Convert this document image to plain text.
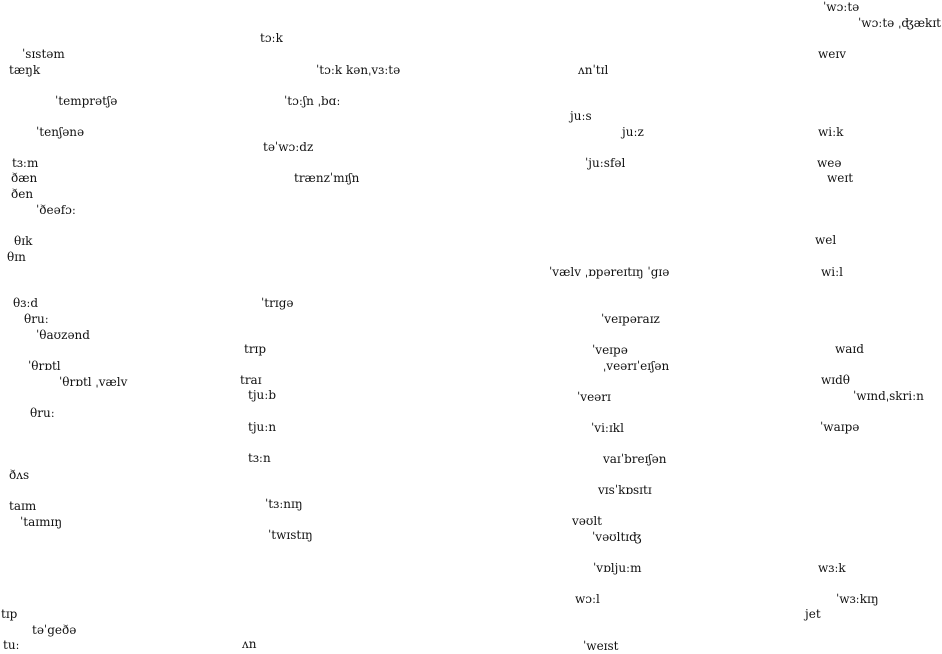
ˈsɪstəm
tæŋk
ˈtemprətʃə
ˈtenʃənə
tɜːm
ðæn
ðen
ˈðeəfɔː
θɪk
θɪn
θɜːd
θruː
ˈθaʊzənd
ˈθrɒtl
ˈθrɒtl ˌvælv
θruː
ðʌs
taɪm
ˈtaɪmɪŋ
tɪp
təˈgeðə
tuː
tɔːk
ˈtɔːk kənˌvɜːtə
ˈtɔːʃn ˌbɑː
təˈwɔːdz
trænzˈmɪʃn
ˈtrɪgə
trɪp
traɪ
tjuːb
tjuːn
tɜːn
ˈtɜːnɪŋ
ˈtwɪstɪŋ
ʌn
ʌnˈtɪl
juːs
juːz
ˈjuːsfəl
ˈvælv ˌɒpəreɪtɪŋ ˈgɪə
ˈveɪpəraɪz
ˈveɪpə
ˌveərɪˈeɪʃən
ˈveərɪ
ˈviːɪkl
vaɪˈbreɪʃən
vɪsˈkɒsɪtɪ
vəʊlt
ˈvəʊltɪʤ
ˈvɒljuːm
wɔːl
ˈweɪst
ˈwɔːtə
ˈwɔːtə ˌʤækɪt
weɪv
wiːk
weə
weɪt
wel
wiːl
waɪd
wɪdθ
ˈwɪndˌskriːn
ˈwaɪpə
wɜːk
ˈwɜːkɪŋ
jet
